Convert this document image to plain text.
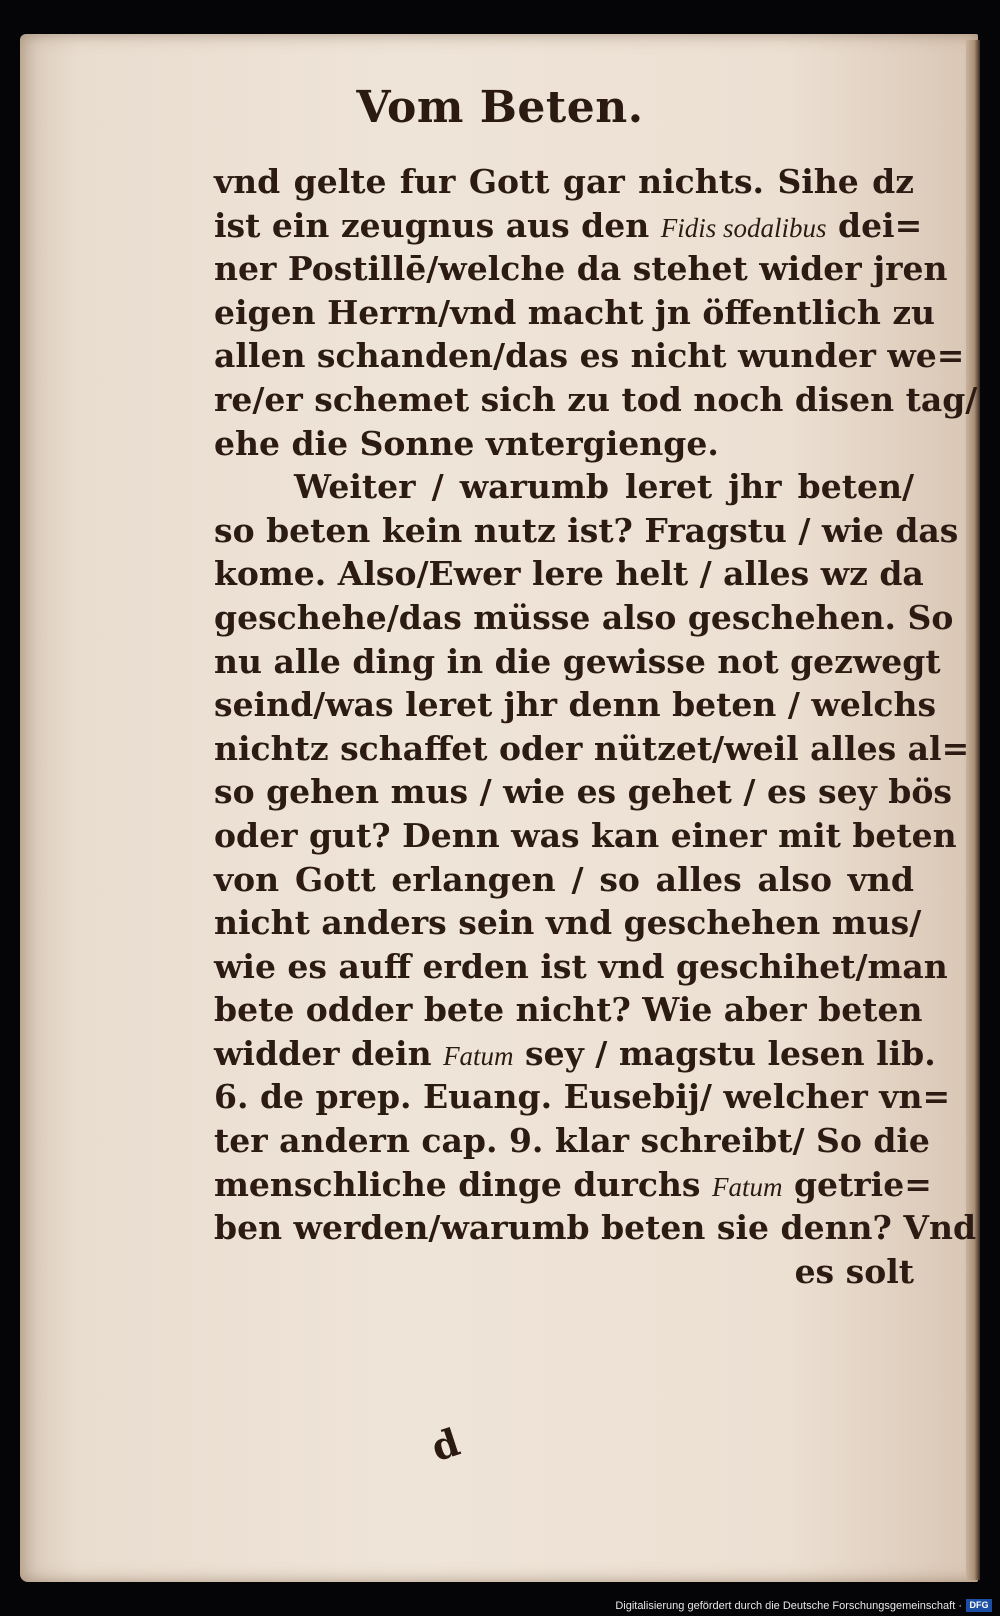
Vom Beten.
vnd gelte fur Gott gar nichts. Sihe dz
ist ein zeugnus aus den Fidis sodalibus dei=
ner Postillē/welche da stehet wider jren
eigen Herrn/vnd macht jn öffentlich zu
allen schanden/das es nicht wunder we=
re/er schemet sich zu tod noch disen tag/
ehe die Sonne vntergienge.
Weiter / warumb leret jhr beten/
so beten kein nutz ist? Fragstu / wie das
kome. Also/Ewer lere helt / alles wz da
geschehe/das müsse also geschehen. So
nu alle ding in die gewisse not gezwegt
seind/was leret jhr denn beten / welchs
nichtz schaffet oder nützet/weil alles al=
so gehen mus / wie es gehet / es sey bös
oder gut? Denn was kan einer mit beten
von Gott erlangen / so alles also vnd
nicht anders sein vnd geschehen mus/
wie es auff erden ist vnd geschihet/man
bete odder bete nicht? Wie aber beten
widder dein Fatum sey / magstu lesen lib.
6. de prep. Euang. Eusebij/ welcher vn=
ter andern cap. 9. klar schreibt/ So die
menschliche dinge durchs Fatum getrie=
ben werden/warumb beten sie denn? Vnd
es solt
d
Digitalisierung gefördert durch die Deutsche Forschungsgemeinschaft · DFG
